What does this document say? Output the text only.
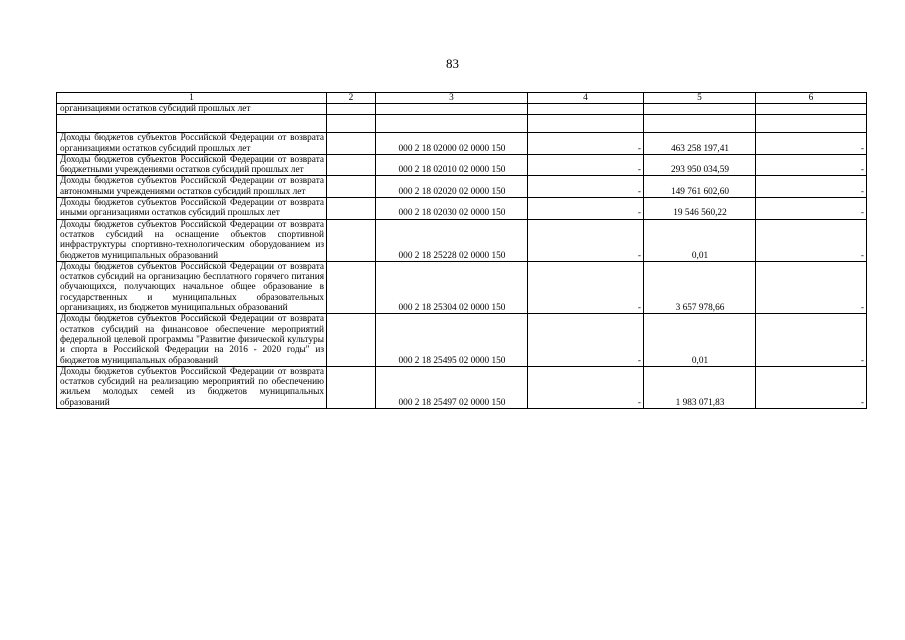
83
1	2	3	4	5	6
организациями остатков субсидий прошлых лет					

Доходы бюджетов субъектов Российской Федерации от возврата организациями остатков субсидий прошлых лет		000 2 18 02000 02 0000 150	-	463 258 197,41	-
Доходы бюджетов субъектов Российской Федерации от возврата бюджетными учреждениями остатков субсидий прошлых лет		000 2 18 02010 02 0000 150	-	293 950 034,59	-
Доходы бюджетов субъектов Российской Федерации от возврата автономными учреждениями остатков субсидий прошлых лет		000 2 18 02020 02 0000 150	-	149 761 602,60	-
Доходы бюджетов субъектов Российской Федерации от возврата иными организациями остатков субсидий прошлых лет		000 2 18 02030 02 0000 150	-	19 546 560,22	-
Доходы бюджетов субъектов Российской Федерации от возврата остатков субсидий на оснащение объектов спортивной инфраструктуры спортивно-технологическим оборудованием из бюджетов муниципальных образований		000 2 18 25228 02 0000 150	-	0,01	-
Доходы бюджетов субъектов Российской Федерации от возврата остатков субсидий на организацию бесплатного горячего питания обучающихся, получающих начальное общее образование в государственных и муниципальных образовательных организациях, из бюджетов муниципальных образований		000 2 18 25304 02 0000 150	-	3 657 978,66	-
Доходы бюджетов субъектов Российской Федерации от возврата остатков субсидий на финансовое обеспечение мероприятий федеральной целевой программы "Развитие физической культуры и спорта в Российской Федерации на 2016 - 2020 годы" из бюджетов муниципальных образований		000 2 18 25495 02 0000 150	-	0,01	-
Доходы бюджетов субъектов Российской Федерации от возврата остатков субсидий на реализацию мероприятий по обеспечению жильем молодых семей из бюджетов муниципальных образований		000 2 18 25497 02 0000 150	-	1 983 071,83	-
